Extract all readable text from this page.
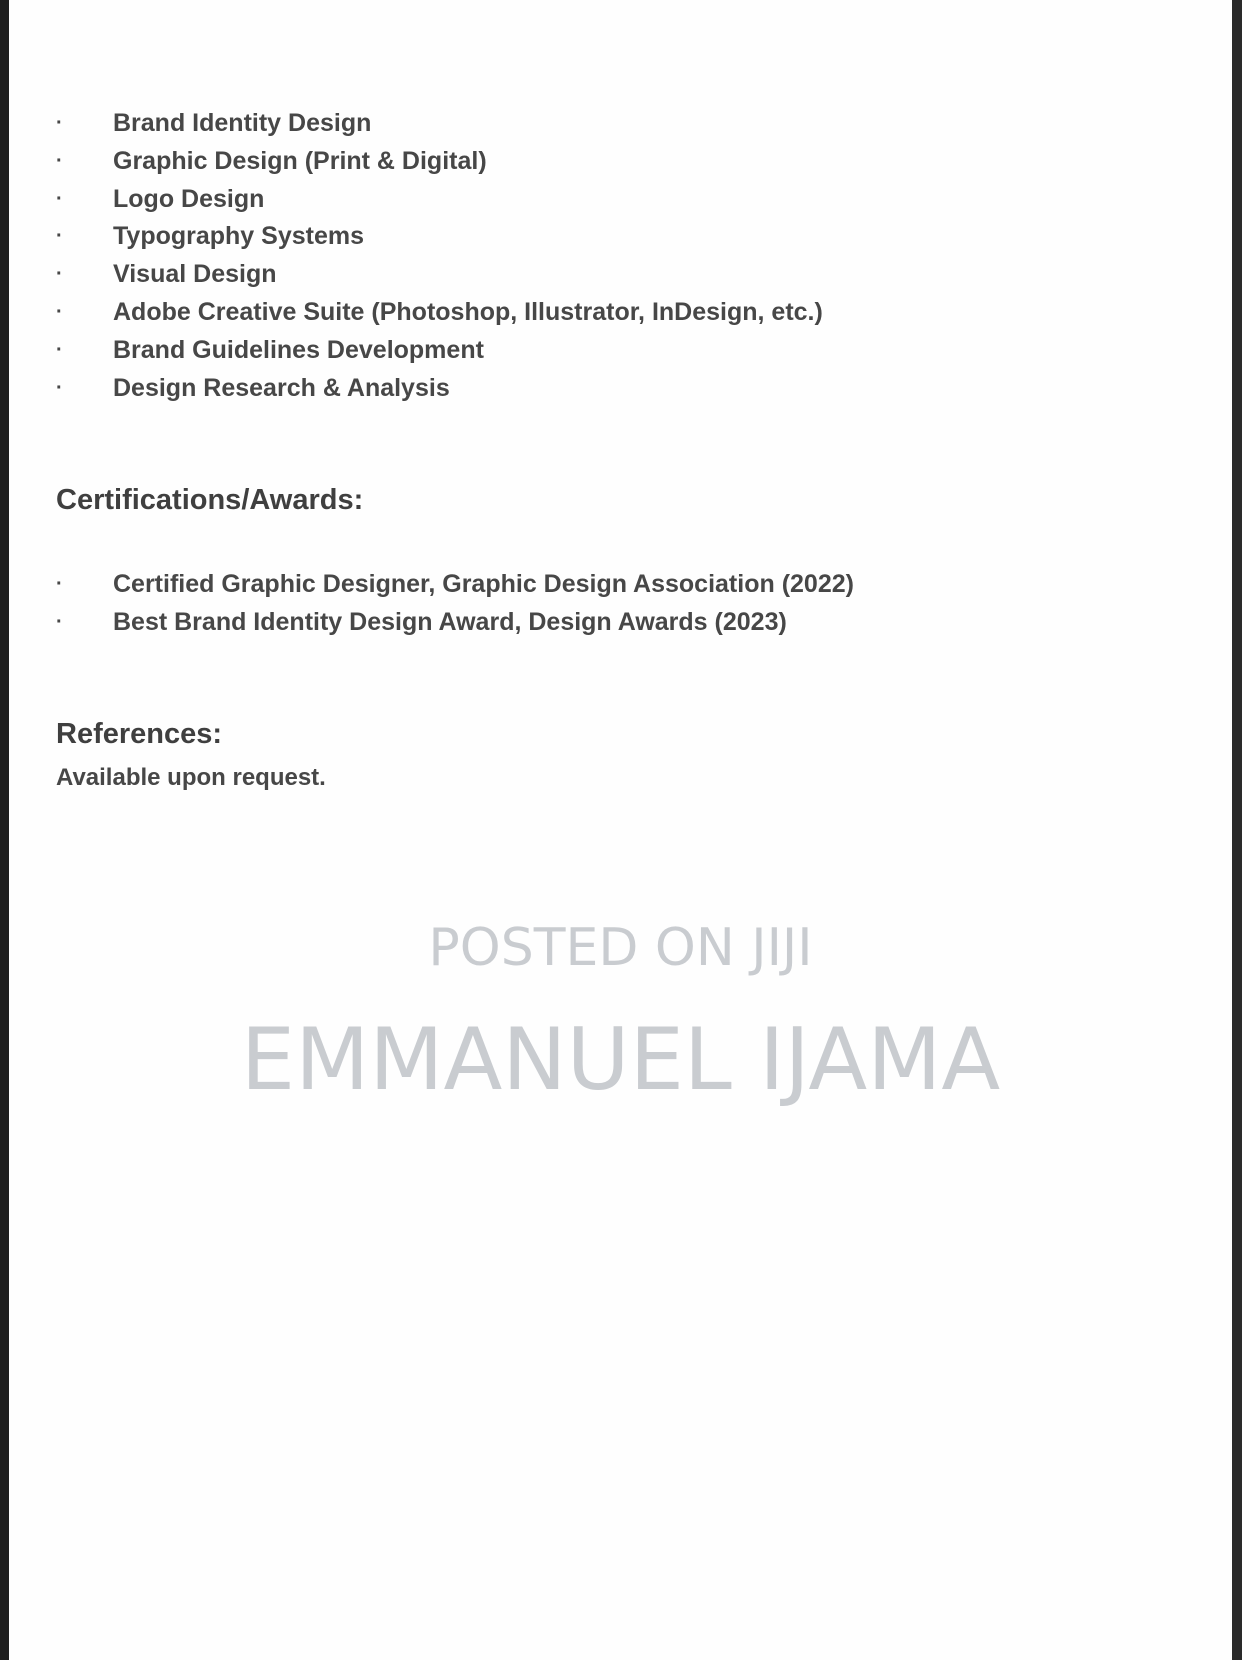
·	Brand Identity Design
·	Graphic Design (Print & Digital)
·	Logo Design
·	Typography Systems
·	Visual Design
·	Adobe Creative Suite (Photoshop, Illustrator, InDesign, etc.)
·	Brand Guidelines Development
·	Design Research & Analysis
Certifications/Awards:
·	Certified Graphic Designer, Graphic Design Association (2022)
·	Best Brand Identity Design Award, Design Awards (2023)
References:
Available upon request.
POSTED ON JIJI
EMMANUEL IJAMA
